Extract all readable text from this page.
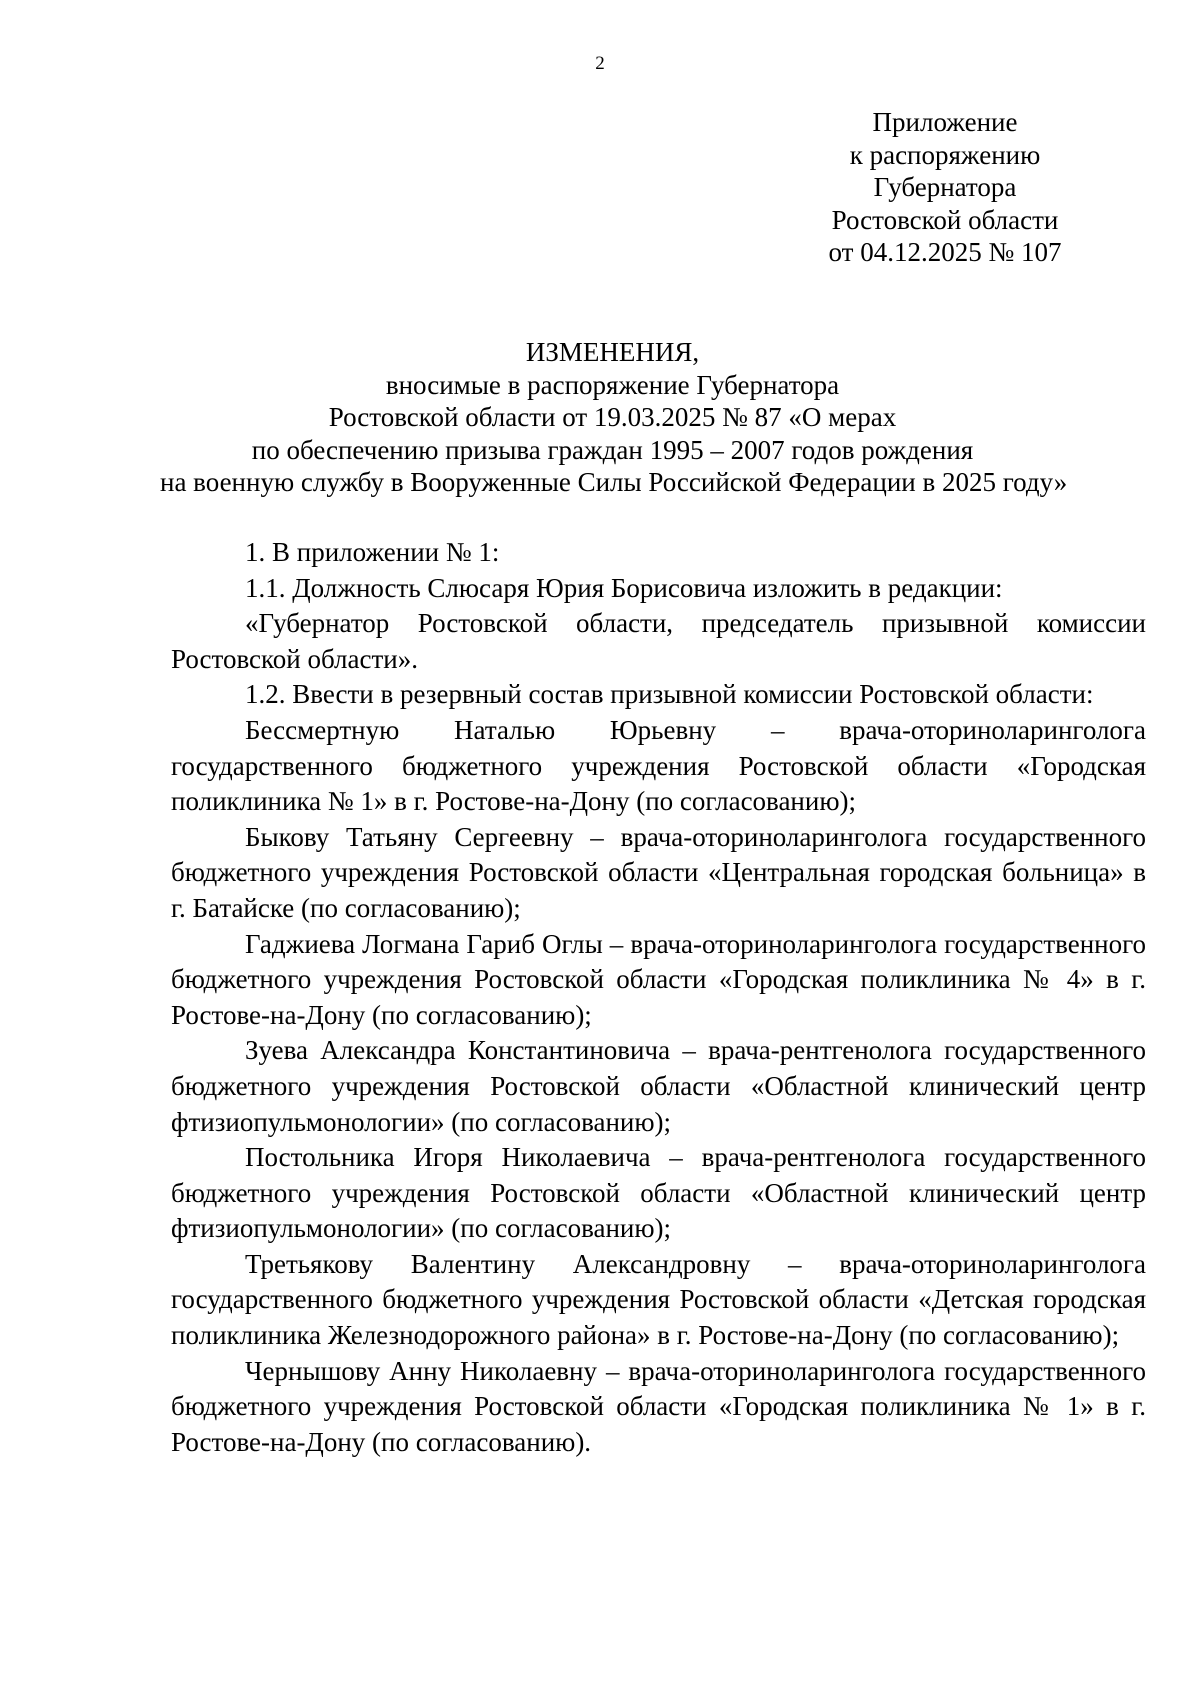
2
Приложение
к распоряжению
Губернатора
Ростовской области
от 04.12.2025 № 107
ИЗМЕНЕНИЯ,
вносимые в распоряжение Губернатора
Ростовской области от 19.03.2025 № 87 «О мерах
по обеспечению призыва граждан 1995 – 2007 годов рождения
на военную службу в Вооруженные Силы Российской Федерации в 2025 году»

1. В приложении № 1:

1.1. Должность Слюсаря Юрия Борисовича изложить в редакции:

«Губернатор Ростовской области, председатель призывной комиссии Ростовской области».

1.2. Ввести в резервный состав призывной комиссии Ростовской области:

Бессмертную Наталью Юрьевну – врача-оториноларинголога государственного бюджетного учреждения Ростовской области «Городская поликлиника № 1» в г. Ростове-на-Дону (по согласованию);

Быкову Татьяну Сергеевну – врача-оториноларинголога государственного бюджетного учреждения Ростовской области «Центральная городская больница» в г. Батайске (по согласованию);

Гаджиева Логмана Гариб Оглы – врача-оториноларинголога государственного бюджетного учреждения Ростовской области «Городская поликлиника № 4» в г. Ростове-на-Дону (по согласованию);

Зуева Александра Константиновича – врача-рентгенолога государственного бюджетного учреждения Ростовской области «Областной клинический центр фтизиопульмонологии» (по согласованию);

Постольника Игоря Николаевича – врача-рентгенолога государственного бюджетного учреждения Ростовской области «Областной клинический центр фтизиопульмонологии» (по согласованию);

Третьякову Валентину Александровну – врача-оториноларинголога государственного бюджетного учреждения Ростовской области «Детская городская поликлиника Железнодорожного района» в г. Ростове-на-Дону (по согласованию);

Чернышову Анну Николаевну – врача-оториноларинголога государственного бюджетного учреждения Ростовской области «Городская поликлиника № 1» в г. Ростове-на-Дону (по согласованию).
